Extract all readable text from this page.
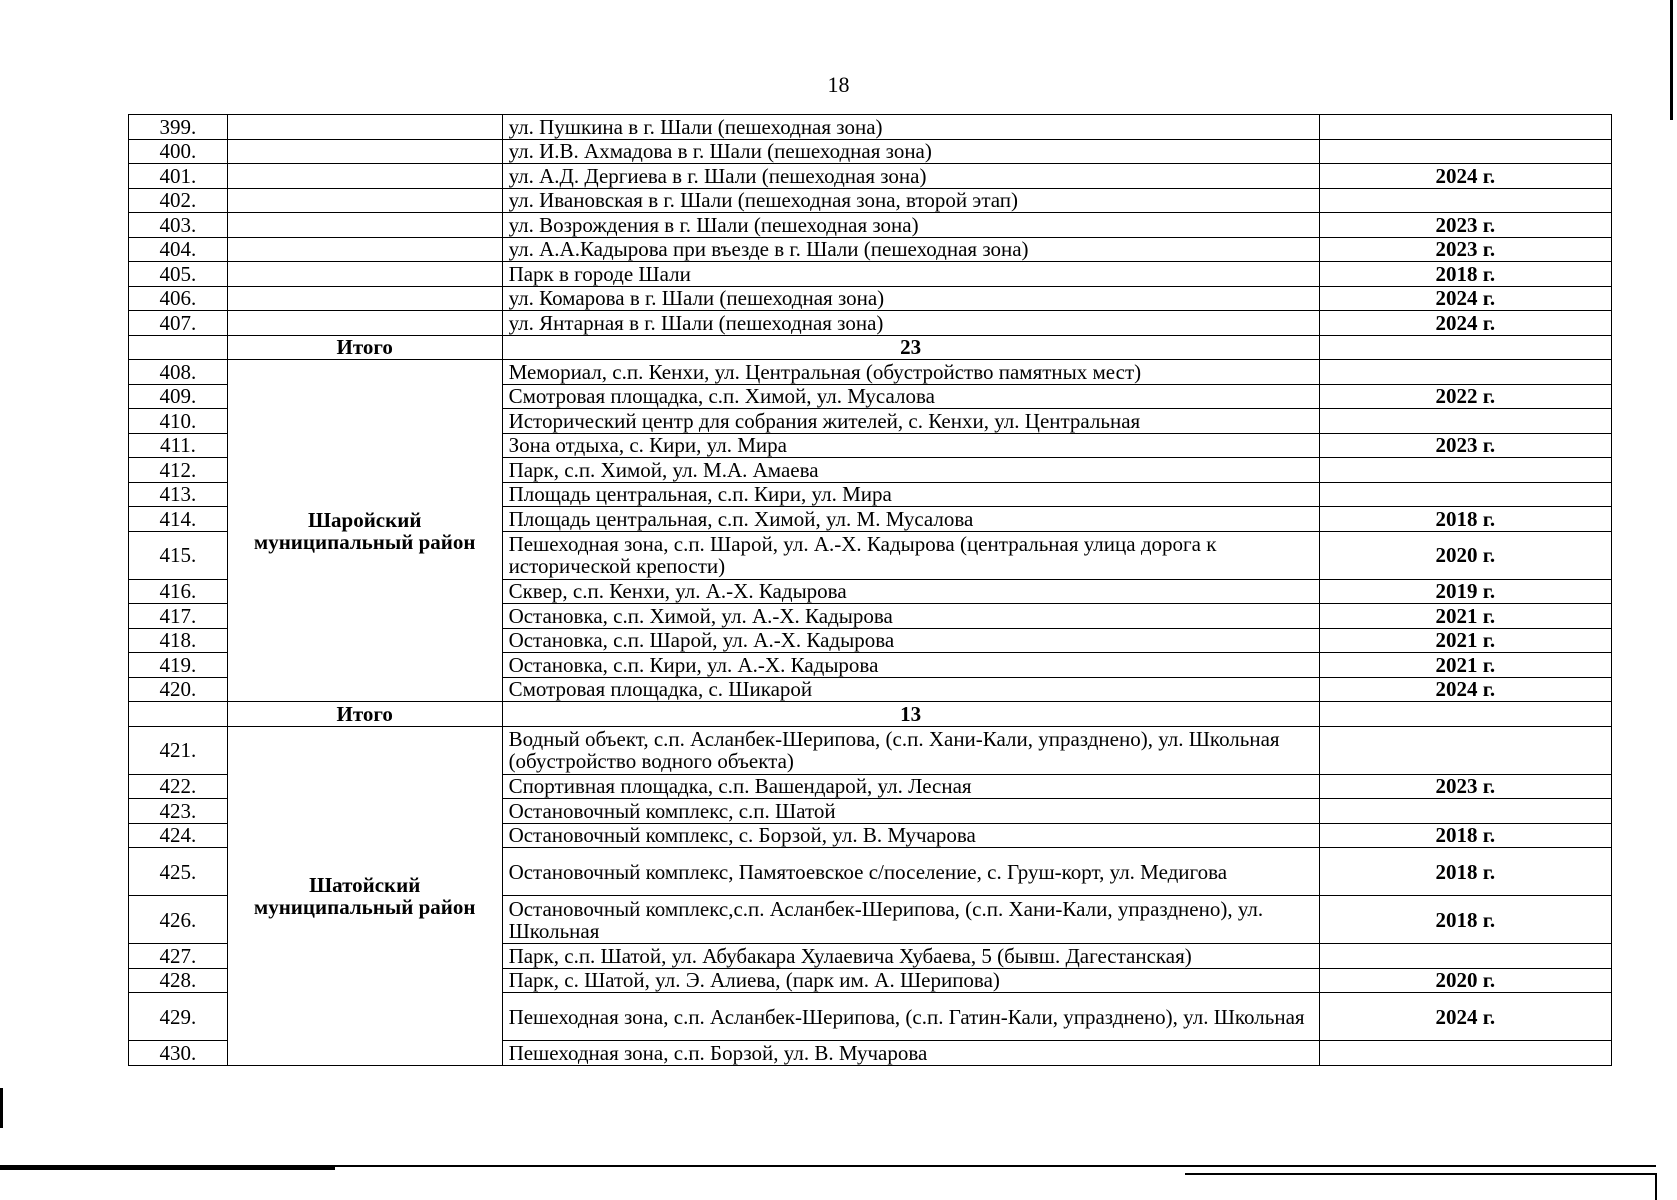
18
399.		ул. Пушкина в г. Шали (пешеходная зона)	
400.		ул. И.В. Ахмадова в г. Шали (пешеходная зона)	
401.		ул. А.Д. Дергиева в г. Шали (пешеходная зона)	2024 г.
402.		ул. Ивановская в г. Шали (пешеходная зона, второй этап)	
403.		ул. Возрождения в г. Шали (пешеходная зона)	2023 г.
404.		ул. А.А.Кадырова при въезде в г. Шали (пешеходная зона)	2023 г.
405.		Парк в городе Шали	2018 г.
406.		ул. Комарова в г. Шали (пешеходная зона)	2024 г.
407.		ул. Янтарная в г. Шали (пешеходная зона)	2024 г.
	Итого	23	
408.	Шаройский муниципальный район	Мемориал, с.п. Кенхи, ул. Центральная (обустройство памятных мест)	
409.		Смотровая площадка, с.п. Химой, ул. Мусалова	2022 г.
410.		Исторический центр для собрания жителей, с. Кенхи, ул. Центральная	
411.		Зона отдыха, с. Кири, ул. Мира	2023 г.
412.		Парк, с.п. Химой, ул. М.А. Амаева	
413.		Площадь центральная, с.п. Кири, ул. Мира	
414.		Площадь центральная, с.п. Химой, ул. М. Мусалова	2018 г.
415.		Пешеходная зона, с.п. Шарой, ул. А.-Х. Кадырова (центральная улица дорога к исторической крепости)	2020 г.
416.		Сквер, с.п. Кенхи, ул. А.-Х. Кадырова	2019 г.
417.		Остановка, с.п. Химой, ул. А.-Х. Кадырова	2021 г.
418.		Остановка, с.п. Шарой, ул. А.-Х. Кадырова	2021 г.
419.		Остановка, с.п. Кири, ул. А.-Х. Кадырова	2021 г.
420.		Смотровая площадка, с. Шикарой	2024 г.
	Итого	13	
421.	Шатойский муниципальный район	Водный объект, с.п. Асланбек-Шерипова, (с.п. Хани-Кали, упразднено), ул. Школьная (обустройство водного объекта)	
422.		Спортивная площадка, с.п. Вашендарой, ул. Лесная	2023 г.
423.		Остановочный комплекс, с.п. Шатой	
424.		Остановочный комплекс, с. Борзой, ул. В. Мучарова	2018 г.
425.		Остановочный комплекс, Памятоевское с/поселение, с. Груш-корт, ул. Медигова	2018 г.
426.		Остановочный комплекс,с.п. Асланбек-Шерипова, (с.п. Хани-Кали, упразднено), ул. Школьная	2018 г.
427.		Парк, с.п. Шатой, ул. Абубакара Хулаевича Хубаева, 5 (бывш. Дагестанская)	
428.		Парк, с. Шатой, ул. Э. Алиева, (парк им. А. Шерипова)	2020 г.
429.		Пешеходная зона, с.п. Асланбек-Шерипова, (с.п. Гатин-Кали, упразднено), ул. Школьная	2024 г.
430.		Пешеходная зона, с.п. Борзой, ул. В. Мучарова	
